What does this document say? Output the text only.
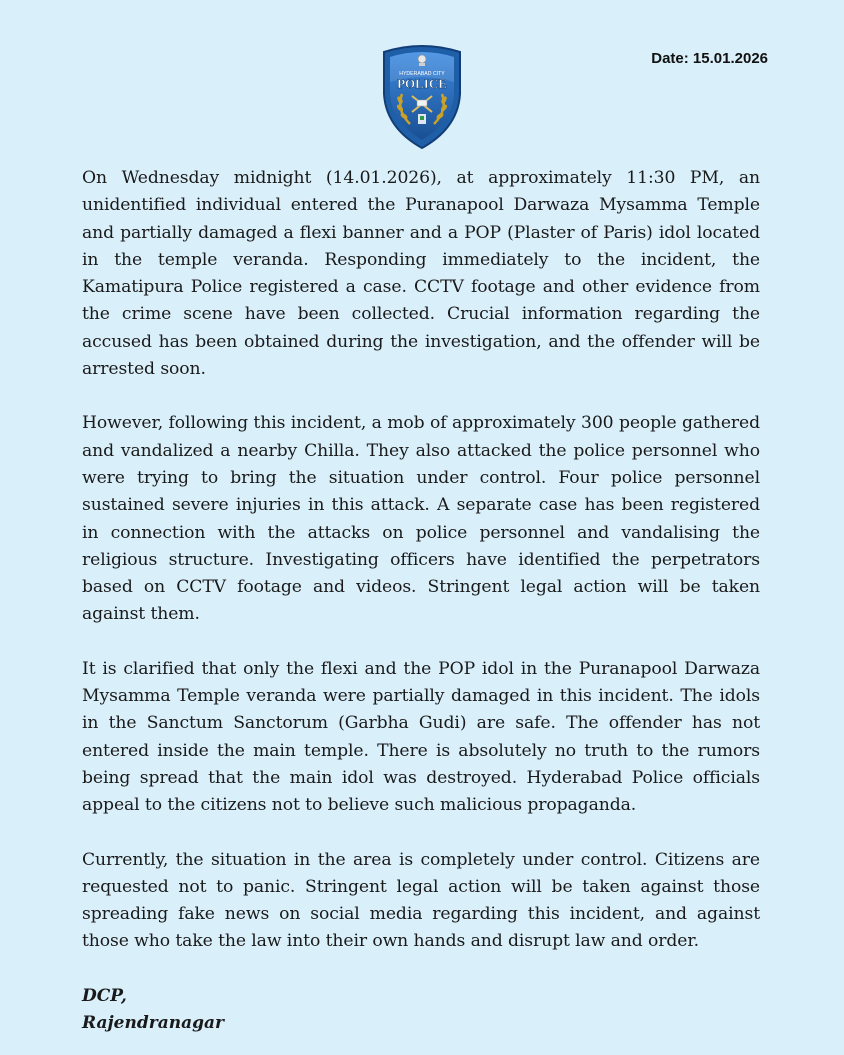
Date: 15.01.2026
HYDERABAD CITY
POLICE

On Wednesday midnight (14.01.2026), at approximately 11:30 PM, an unidentified individual entered the Puranapool Darwaza Mysamma Temple and partially damaged a flexi banner and a POP (Plaster of Paris) idol located in the temple veranda. Responding immediately to the incident, the Kamatipura Police registered a case. CCTV footage and other evidence from the crime scene have been collected. Crucial information regarding the accused has been obtained during the investigation, and the offender will be arrested soon.

However, following this incident, a mob of approximately 300 people gathered and vandalized a nearby Chilla. They also attacked the police personnel who were trying to bring the situation under control. Four police personnel sustained severe injuries in this attack. A separate case has been registered in connection with the attacks on police personnel and vandalising the religious structure. Investigating officers have identified the perpetrators based on CCTV footage and videos. Stringent legal action will be taken against them.

It is clarified that only the flexi and the POP idol in the Puranapool Darwaza Mysamma Temple veranda were partially damaged in this incident. The idols in the Sanctum Sanctorum (Garbha Gudi) are safe. The offender has not entered inside the main temple. There is absolutely no truth to the rumors being spread that the main idol was destroyed. Hyderabad Police officials appeal to the citizens not to believe such malicious propaganda.

Currently, the situation in the area is completely under control. Citizens are requested not to panic. Stringent legal action will be taken against those spreading fake news on social media regarding this incident, and against those who take the law into their own hands and disrupt law and order.

DCP,
Rajendranagar
